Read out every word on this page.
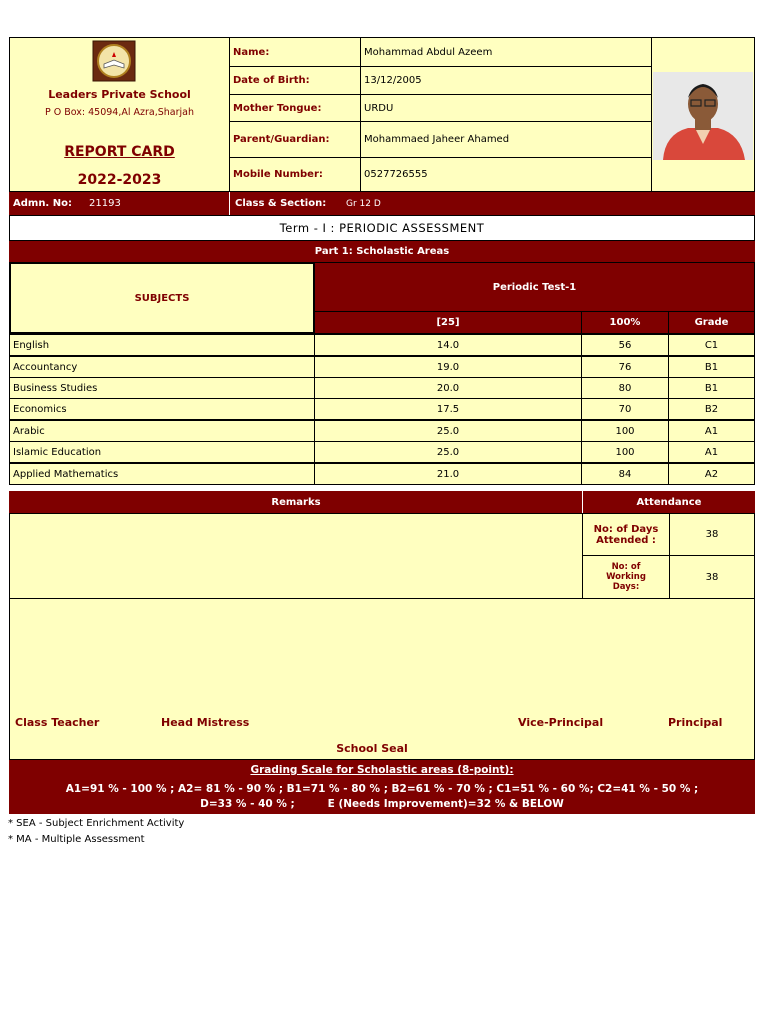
Leaders Private School
P O Box: 45094,Al Azra,Sharjah
REPORT CARD
2022-2023
Name:	Mohammad Abdul Azeem
Date of Birth:	13/12/2005
Mother Tongue:	URDU
Parent/Guardian:	Mohammaed Jaheer Ahamed
Mobile Number:	0527726555
Admn. No:	21193	Class & Section:	Gr 12 D
Term - I : PERIODIC ASSESSMENT
Part 1: Scholastic Areas
SUBJECTS
Periodic Test-1
[25]	100%	Grade
English	14.0	56	C1
Accountancy	19.0	76	B1
Business Studies	20.0	80	B1
Economics	17.5	70	B2
Arabic	25.0	100	A1
Islamic Education	25.0	100	A1
Applied Mathematics	21.0	84	A2
Remarks	Attendance
No: of Days Attended :	38
No: of Working Days:
38
Class Teacher	Head Mistress	Vice-Principal	Principal
School Seal
Grading Scale for Scholastic areas (8-point):
A1=91 % - 100 % ; A2= 81 % - 90 % ; B1=71 % - 80 % ; B2=61 % - 70 % ; C1=51 % - 60 %; C2=41 % - 50 % ;
D=33 % - 40 % ;         E (Needs Improvement)=32 % & BELOW
* SEA - Subject Enrichment Activity
* MA - Multiple Assessment
